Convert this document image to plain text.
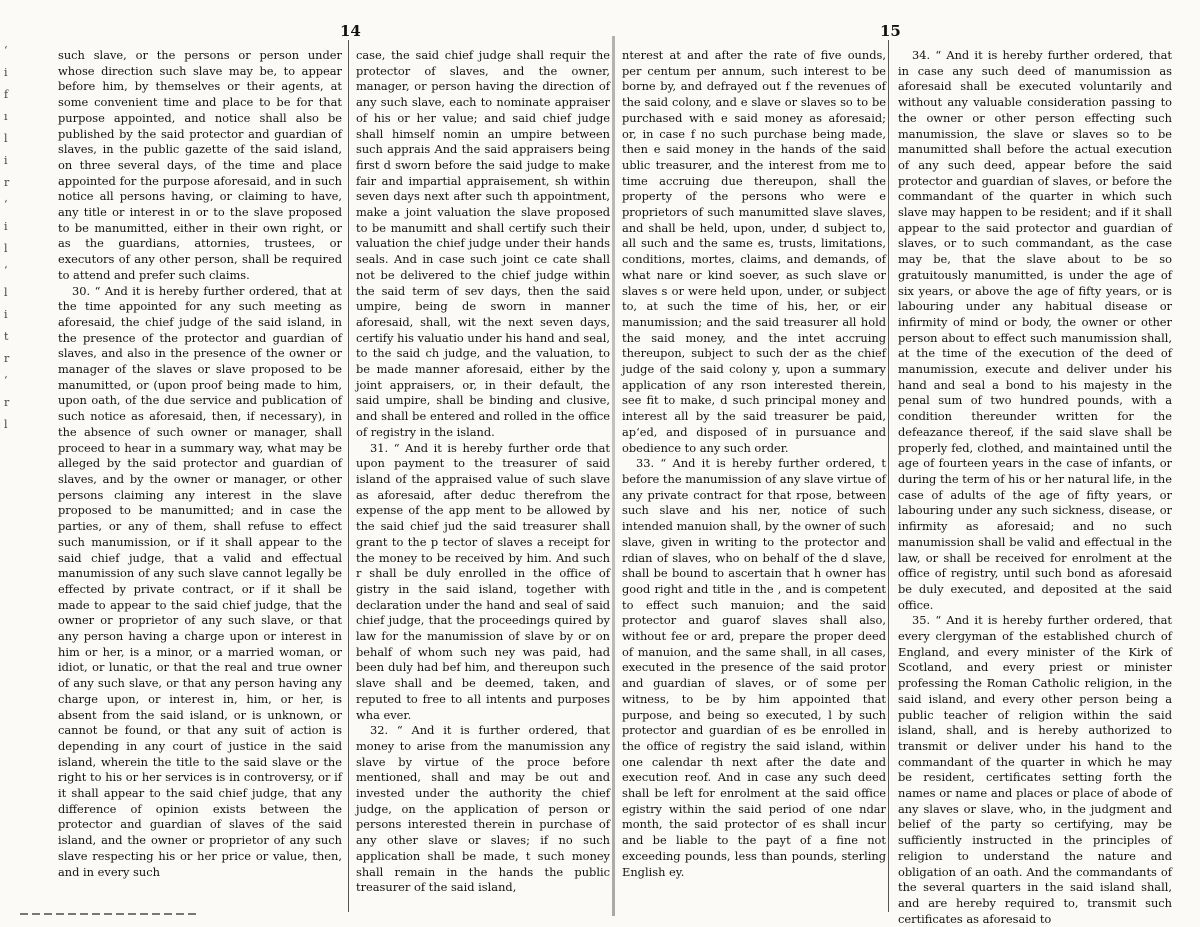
‘
i
f
ı
l
i
r
‘
i
l
‘
l
i
t
r
‘
r
l
14	15

such slave, or the persons or person under whose direction such slave may be, to appear before him, by themselves or their agents, at some convenient time and place to be for that purpose appointed, and notice shall also be published by the said protector and guardian of slaves, in the public gazette of the said island, on three several days, of the time and place appointed for the purpose aforesaid, and in such notice all persons having, or claiming to have, any title or interest in or to the slave proposed to be manumitted, either in their own right, or as the guardians, attornies, trustees, or executors of any other person, shall be required to attend and prefer such claims.

30. “ And it is hereby further ordered, that at the time appointed for any such meeting as aforesaid, the chief judge of the said island, in the presence of the protector and guardian of slaves, and also in the presence of the owner or manager of the slaves or slave proposed to be manumitted, or (upon proof being made to him, upon oath, of the due service and publication of such notice as aforesaid, then, if necessary), in the absence of such owner or manager, shall proceed to hear in a summary way, what may be alleged by the said protector and guardian of slaves, and by the owner or manager, or other persons claiming any interest in the slave proposed to be manumitted; and in case the parties, or any of them, shall refuse to effect such manumission, or if it shall appear to the said chief judge, that a valid and effectual manumission of any such slave cannot legally be effected by private contract, or if it shall be made to appear to the said chief judge, that the owner or proprietor of any such slave, or that any person having a charge upon or interest in him or her, is a minor, or a married woman, or idiot, or lunatic, or that the real and true owner of any such slave, or that any person having any charge upon, or interest in, him, or her, is absent from the said island, or is unknown, or cannot be found, or that any suit of action is depending in any court of justice in the said island, wherein the title to the said slave or the right to his or her services is in controversy, or if it shall appear to the said chief judge, that any difference of opinion exists between the protector and guardian of slaves of the said island, and the owner or proprietor of any such slave respecting his or her price or value, then, and in every such

case, the said chief judge shall requir the protector of slaves, and the owner, manager, or person having the direction of any such slave, each to nominate appraiser of his or her value; and said chief judge shall himself nomin an umpire between such apprais And the said appraisers being first d sworn before the said judge to make fair and impartial appraisement, sh within seven days next after such th appointment, make a joint valuation the slave proposed to be manumitt and shall certify such their valuation the chief judge under their hands seals. And in case such joint ce cate shall not be delivered to the chief judge within the said term of sev days, then the said umpire, being de sworn in manner aforesaid, shall, wit the next seven days, certify his valuatio under his hand and seal, to the said ch judge, and the valuation, to be made manner aforesaid, either by the joint appraisers, or, in their default, the said umpire, shall be binding and clusive, and shall be entered and rolled in the office of registry in the island.

31. “ And it is hereby further orde that upon payment to the treasurer of said island of the appraised value of such slave as aforesaid, after deduc therefrom the expense of the app ment to be allowed by the said chief jud the said treasurer shall grant to the p tector of slaves a receipt for the money to be received by him. And such r shall be duly enrolled in the office of gistry in the said island, together with declaration under the hand and seal of said chief judge, that the proceedings quired by law for the manumission of slave by or on behalf of whom such ney was paid, had been duly had bef him, and thereupon such slave shall and be deemed, taken, and reputed to free to all intents and purposes wha ever.

32. “ And it is further ordered, that money to arise from the manumission any slave by virtue of the proce before mentioned, shall and may be out and invested under the authority the chief judge, on the application of person or persons interested therein in purchase of any other slave or slaves; if no such application shall be made, t such money shall remain in the hands the public treasurer of the said island,

nterest at and after the rate of five ounds, per centum per annum, such interest to be borne by, and defrayed out f the revenues of the said colony, and e slave or slaves so to be purchased with e said money as aforesaid; or, in case f no such purchase being made, then e said money in the hands of the said ublic treasurer, and the interest from me to time accruing due thereupon, shall the property of the persons who were e proprietors of such manumitted slave slaves, and shall be held, upon, under, d subject to, all such and the same es, trusts, limitations, conditions, mortes, claims, and demands, of what nare or kind soever, as such slave or slaves s or were held upon, under, or subject to, at such the time of his, her, or eir manumission; and the said treasurer all hold the said money, and the intet accruing thereupon, subject to such der as the chief judge of the said colony y, upon a summary application of any rson interested therein, see fit to make, d such principal money and interest all by the said treasurer be paid, ap‘ed, and disposed of in pursuance and obedience to any such order.

33. “ And it is hereby further ordered, t before the manumission of any slave virtue of any private contract for that rpose, between such slave and his ner, notice of such intended manuion shall, by the owner of such slave, given in writing to the protector and rdian of slaves, who on behalf of the d slave, shall be bound to ascertain that h owner has good right and title in the , and is competent to effect such manuion; and the said protector and guarof slaves shall also, without fee or ard, prepare the proper deed of manuion, and the same shall, in all cases, executed in the presence of the said protor and guardian of slaves, or of some per witness, to be by him appointed that purpose, and being so executed, l by such protector and guardian of es be enrolled in the office of registry the said island, within one calendar th next after the date and execution reof. And in case any such deed shall be left for enrolment at the said office egistry within the said period of one ndar month, the said protector of es shall incur and be liable to the payt of a fine not exceeding pounds, less than pounds, sterling English ey.

34. “ And it is hereby further ordered, that in case any such deed of manumission as aforesaid shall be executed voluntarily and without any valuable consideration passing to the owner or other person effecting such manumission, the slave or slaves so to be manumitted shall before the actual execution of any such deed, appear before the said protector and guardian of slaves, or before the commandant of the quarter in which such slave may happen to be resident; and if it shall appear to the said protector and guardian of slaves, or to such commandant, as the case may be, that the slave about to be so gratuitously manumitted, is under the age of six years, or above the age of fifty years, or is labouring under any habitual disease or infirmity of mind or body, the owner or other person about to effect such manumission shall, at the time of the execution of the deed of manumission, execute and deliver under his hand and seal a bond to his majesty in the penal sum of two hundred pounds, with a condition thereunder written for the defeazance thereof, if the said slave shall be properly fed, clothed, and maintained until the age of fourteen years in the case of infants, or during the term of his or her natural life, in the case of adults of the age of fifty years, or labouring under any such sickness, disease, or infirmity as aforesaid; and no such manumission shall be valid and effectual in the law, or shall be received for enrolment at the office of registry, until such bond as aforesaid be duly executed, and deposited at the said office.

35. “ And it is hereby further ordered, that every clergyman of the established church of England, and every minister of the Kirk of Scotland, and every priest or minister professing the Roman Catholic religion, in the said island, and every other person being a public teacher of religion within the said island, shall, and is hereby authorized to transmit or deliver under his hand to the commandant of the quarter in which he may be resident, certificates setting forth the names or name and places or place of abode of any slaves or slave, who, in the judgment and belief of the party so certifying, may be sufficiently instructed in the principles of religion to understand the nature and obligation of an oath. And the commandants of the several quarters in the said island shall, and are hereby required to, transmit such certificates as aforesaid to
